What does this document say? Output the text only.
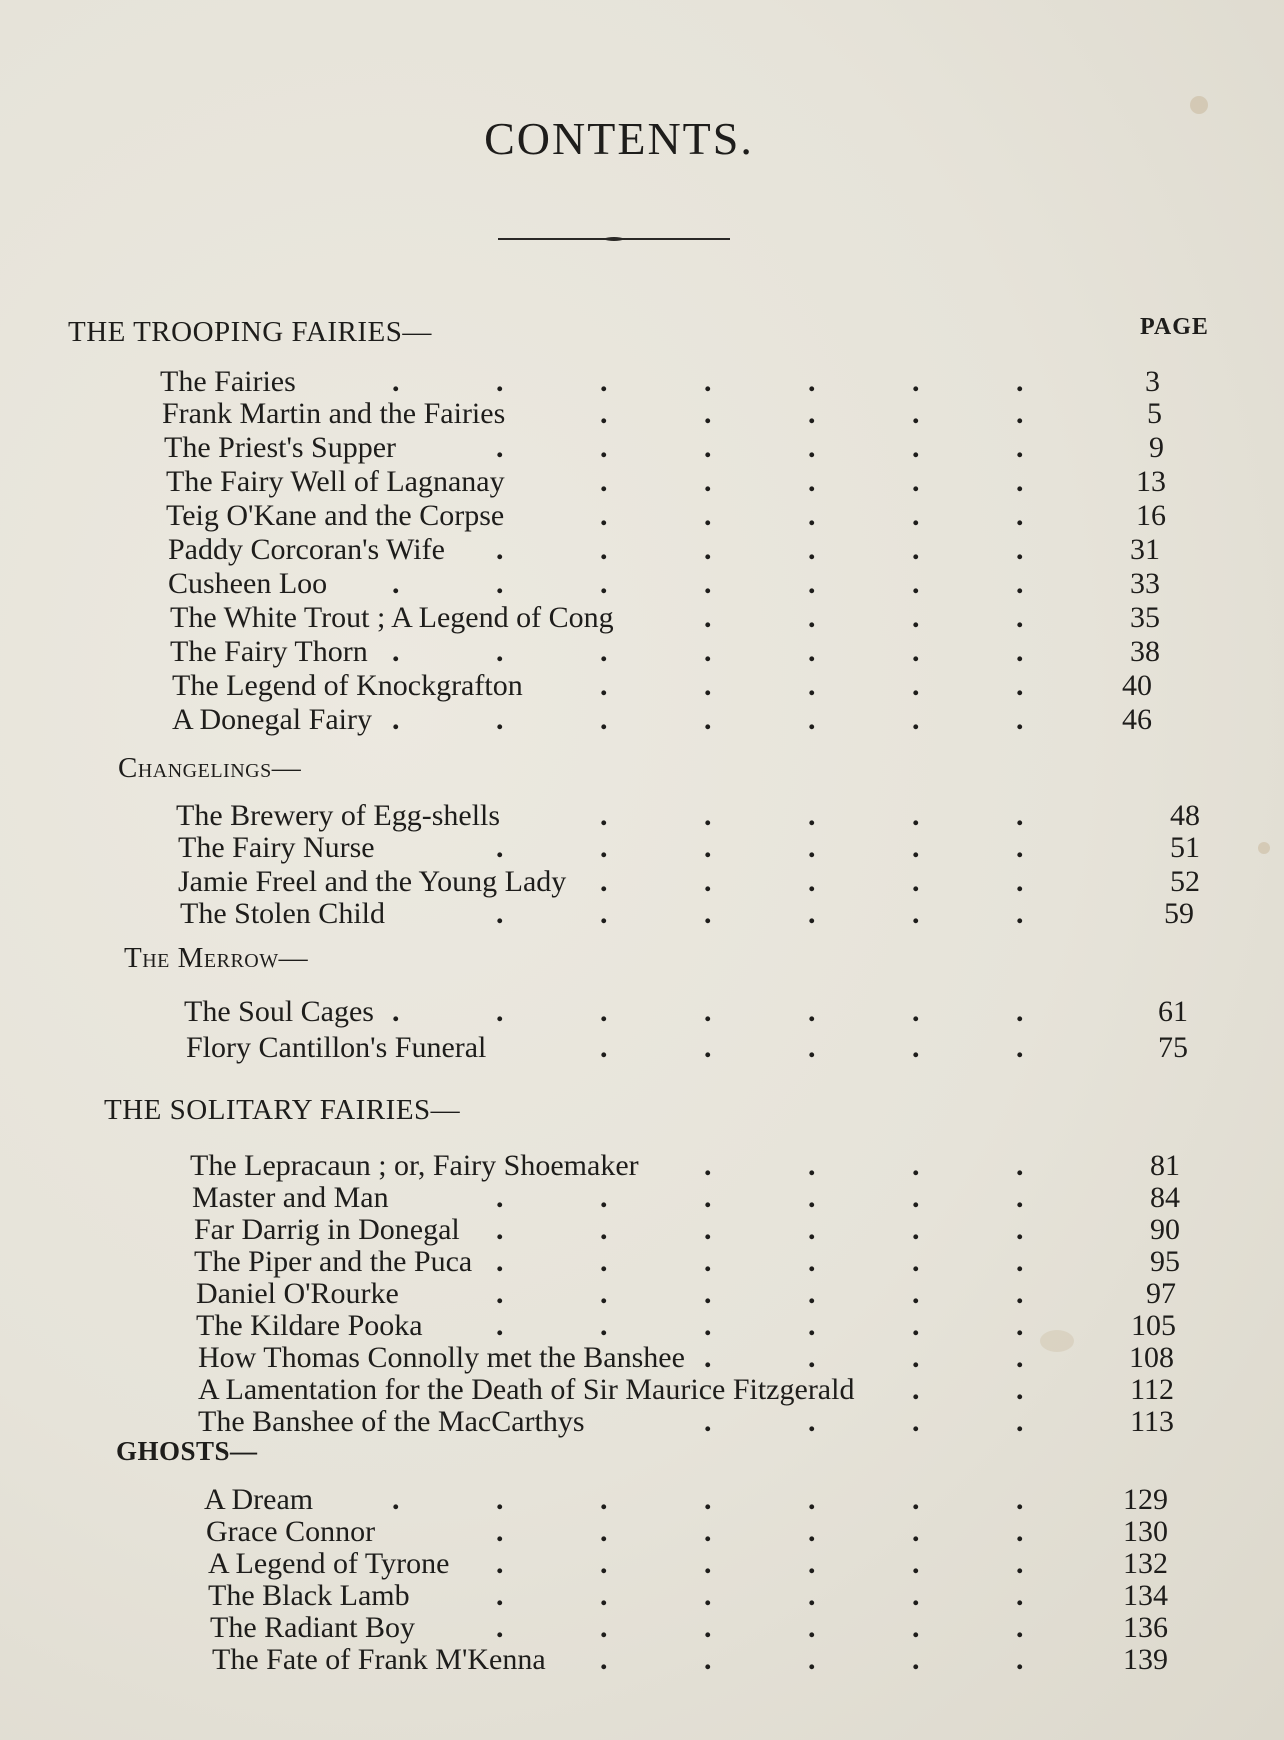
CONTENTS.
PAGE
THE TROOPING FAIRIES—
The Fairies	3
.	.	.	.	.	.	.
Frank Martin and the Fairies	5
.	.	.	.	.
The Priest's Supper	9
.	.	.	.	.	.
The Fairy Well of Lagnanay	13
.	.	.	.	.
Teig O'Kane and the Corpse	16
.	.	.	.	.
Paddy Corcoran's Wife	31
.	.	.	.	.	.
Cusheen Loo	33
.	.	.	.	.	.	.
The White Trout ; A Legend of Cong	35
.	.	.	.
The Fairy Thorn	38
.	.	.	.	.	.	.
The Legend of Knockgrafton	40
.	.	.	.	.
A Donegal Fairy	46
.	.	.	.	.	.	.
Changelings—
The Brewery of Egg-shells	48
.	.	.	.	.
The Fairy Nurse	51
.	.	.	.	.	.
Jamie Freel and the Young Lady	52
.	.	.	.	.
The Stolen Child	59
.	.	.	.	.	.
The Merrow—
The Soul Cages	61
.	.	.	.	.	.	.
Flory Cantillon's Funeral	75
.	.	.	.	.
THE SOLITARY FAIRIES—
The Lepracaun ; or, Fairy Shoemaker	81
.	.	.	.
Master and Man	84
.	.	.	.	.	.
Far Darrig in Donegal	90
.	.	.	.	.	.
The Piper and the Puca	95
.	.	.	.	.	.
Daniel O'Rourke	97
.	.	.	.	.	.
The Kildare Pooka	105
.	.	.	.	.	.
How Thomas Connolly met the Banshee	108
.	.	.	.
A Lamentation for the Death of Sir Maurice Fitzgerald	112
.	.
The Banshee of the MacCarthys	113
.	.	.	.
GHOSTS—
A Dream	129
.	.	.	.	.	.	.
Grace Connor	130
.	.	.	.	.	.
A Legend of Tyrone	132
.	.	.	.	.	.
The Black Lamb	134
.	.	.	.	.	.
The Radiant Boy	136
.	.	.	.	.	.
The Fate of Frank M'Kenna	139
.	.	.	.	.
